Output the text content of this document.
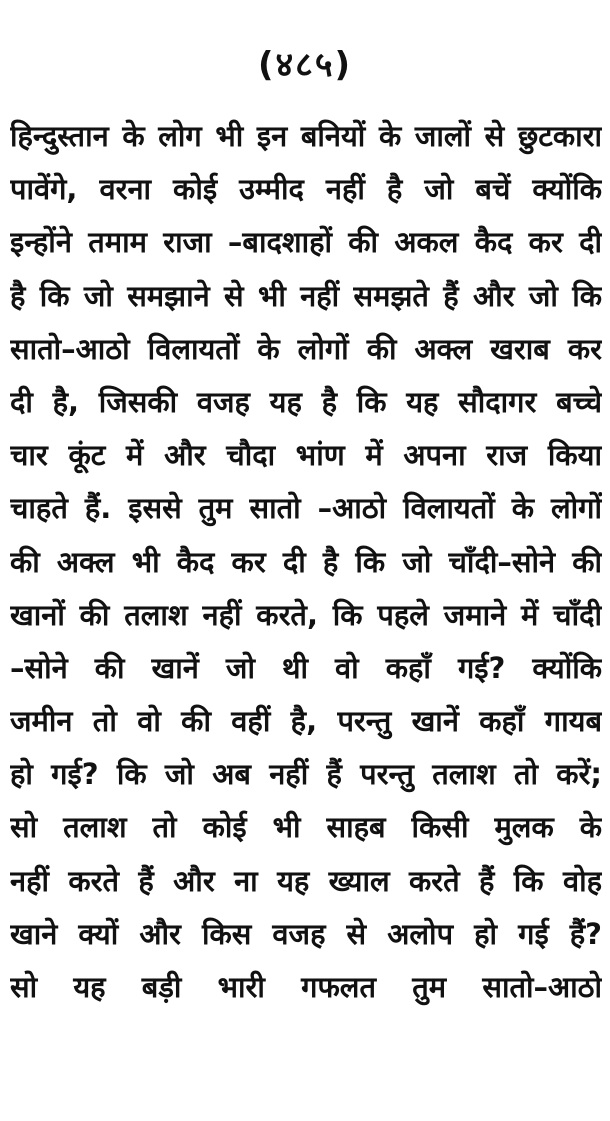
(४८५)
हिन्दुस्तान के लोग भी इन बनियों के जालों से छुटकारा
पावेंगे, वरना कोई उम्मीद नहीं है जो बचें क्योंकि
इन्होंने तमाम राजा –बादशाहों की अकल कैद कर दी
है कि जो समझाने से भी नहीं समझते हैं और जो कि
सातो–आठो विलायतों के लोगों की अक्ल खराब कर
दी है, जिसकी वजह यह है कि यह सौदागर बच्चे
चार कूंट में और चौदा भांण में अपना राज किया
चाहते हैं. इससे तुम सातो –आठो विलायतों के लोगों
की अक्ल भी कैद कर दी है कि जो चाँदी–सोने की
खानों की तलाश नहीं करते, कि पहले जमाने में चाँदी
–सोने की खानें जो थी वो कहाँ गई? क्योंकि
जमीन तो वो की वहीं है, परन्तु खानें कहाँ गायब
हो गई? कि जो अब नहीं हैं परन्तु तलाश तो करें;
सो तलाश तो कोई भी साहब किसी मुलक के
नहीं करते हैं और ना यह ख्याल करते हैं कि वोह
खाने क्यों और किस वजह से अलोप हो गई हैं?
सो यह बड़ी भारी गफलत तुम सातो–आठो
